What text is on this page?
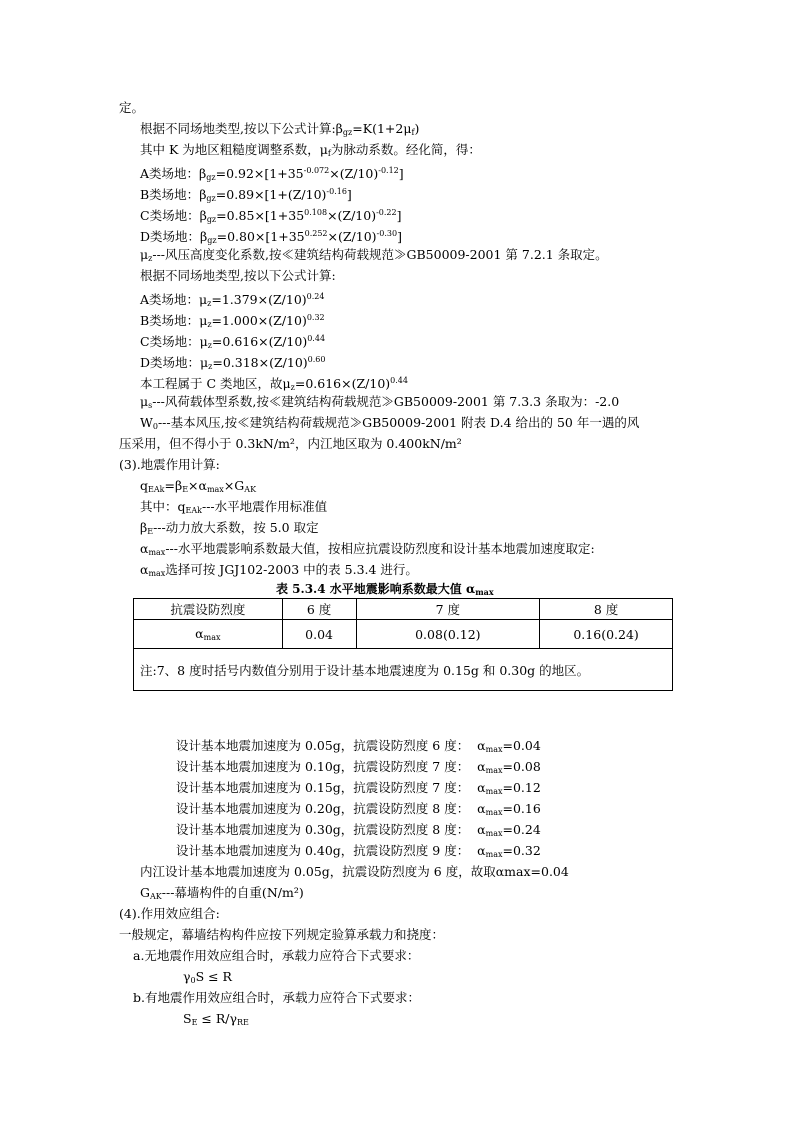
定。
根据不同场地类型,按以下公式计算$:\beta_{gz}=K(1+2\mu_f)$
其中 K 为地区粗糙度调整系数，$\mu_f$为脉动系数。经化简，得：
A类场地：$\beta_{gz}=0.92\times[1+35^{-0.072}\times(Z/10)^{-0.12}]$
B类场地：$\beta_{gz}=0.89\times[1+(Z/10)^{-0.16}]$
C类场地：$\beta_{gz}=0.85\times[1+35^{0.108}\times(Z/10)^{-0.22}]$
D类场地：$\beta_{gz}=0.80\times[1+35^{0.252}\times(Z/10)^{-0.30}]$
$\mu_z---$风压高度变化系数,按≪建筑结构荷载规范≫GB50009-2001 第 7.2.1 条取定。
根据不同场地类型,按以下公式计算:
A类场地：$\mu_z=1.379\times(Z/10)^{0.24}$
B类场地：$\mu_z=1.000\times(Z/10)^{0.32}$
C类场地：$\mu_z=0.616\times(Z/10)^{0.44}$
D类场地：$\mu_z=0.318\times(Z/10)^{0.60}$
本工程属于 C 类地区，故$\mu_z=0.616\times(Z/10)^{0.44}$
$\mu_s---$风荷载体型系数,按≪建筑结构荷载规范≫GB50009-2001 第 7.3.3 条取为：-2.0
$W_0---$基本风压,按≪建筑结构荷载规范≫GB50009-2001 附表 D.4 给出的 50 年一遇的风
压采用，但不得小于 0.3kN/m²，内江地区取为 0.400kN/m²
(3).地震作用计算:
$q_{EAk}=\beta_E\times\alpha_{max}\times G_{AK}$
其中：$q_{EAk}---$水平地震作用标准值
$\beta_E---$动力放大系数，按 5.0 取定
$\alpha_{max}---$水平地震影响系数最大值，按相应抗震设防烈度和设计基本地震加速度取定:
$\alpha_{max}$选择可按 JGJ102-2003 中的表 5.3.4 进行。
表 5.3.4 水平地震影响系数最大值 $\alpha_{max}$
抗震设防烈度	6 度	7 度	8 度
$\alpha_{max}$	0.04	0.08(0.12)	0.16(0.24)
注:7、8 度时括号内数值分别用于设计基本地震速度为 0.15g 和 0.30g 的地区。			
设计基本地震加速度为 0.05g，抗震设防烈度 6 度： $\alpha_{max}=0.04$
设计基本地震加速度为 0.10g，抗震设防烈度 7 度： $\alpha_{max}=0.08$
设计基本地震加速度为 0.15g，抗震设防烈度 7 度： $\alpha_{max}=0.12$
设计基本地震加速度为 0.20g，抗震设防烈度 8 度： $\alpha_{max}=0.16$
设计基本地震加速度为 0.30g，抗震设防烈度 8 度： $\alpha_{max}=0.24$
设计基本地震加速度为 0.40g，抗震设防烈度 9 度： $\alpha_{max}=0.32$
内江设计基本地震加速度为 0.05g，抗震设防烈度为 6 度，故取αmax=0.04
$G_{AK}---$幕墙构件的自重(N/m²)
(4).作用效应组合:
一般规定，幕墙结构构件应按下列规定验算承载力和挠度：
a.无地震作用效应组合时，承载力应符合下式要求：
$\gamma_0S \le R$
b.有地震作用效应组合时，承载力应符合下式要求：
$S_E \le R/\gamma_{RE}$
